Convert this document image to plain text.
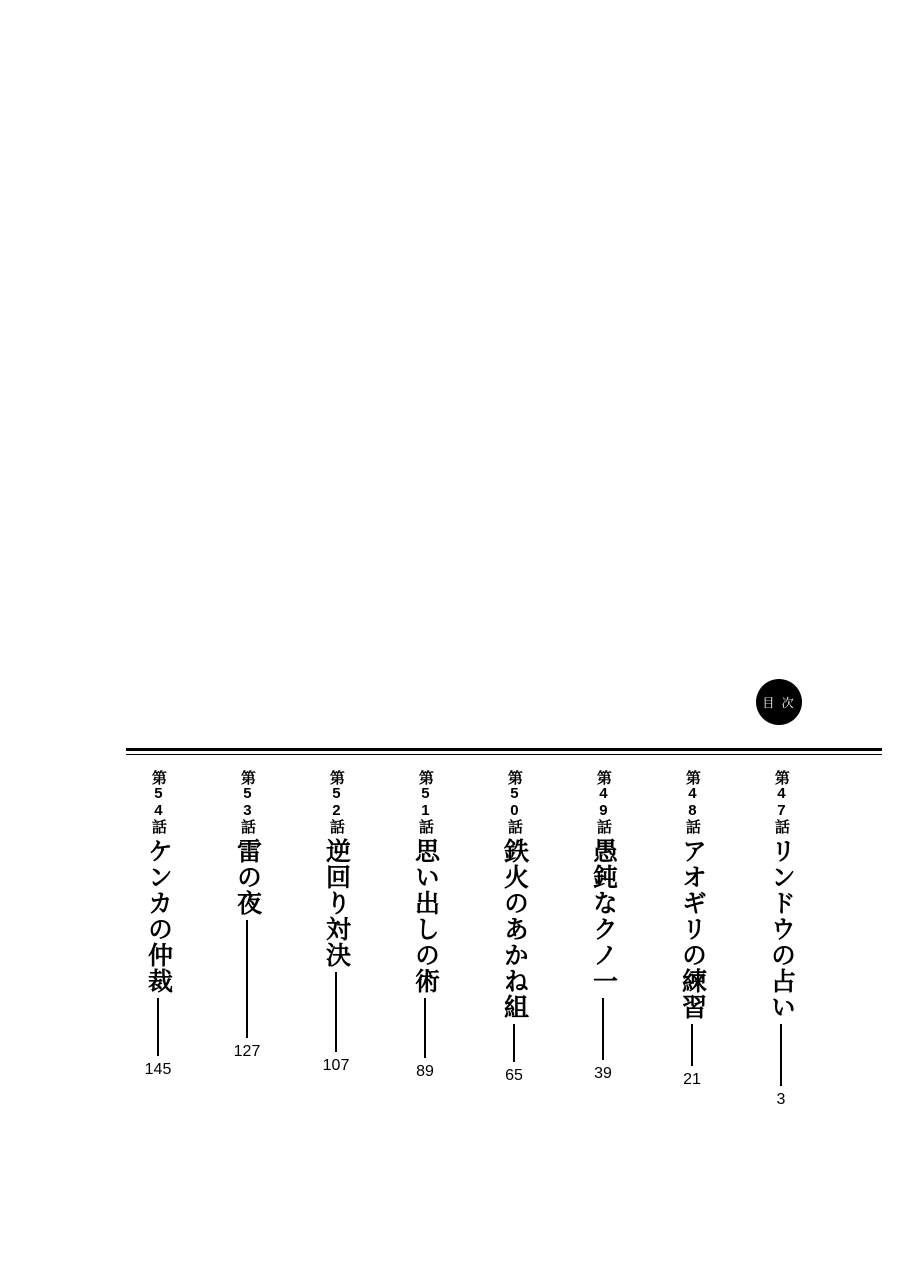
目 次
第47話
リンドウの占い
3
第48話
アオギリの練習
21
第49話
愚鈍なクノ一
39
第50話
鉄火のあかね組
65
第51話
思い出しの術
89
第52話
逆回り対決
107
第53話
雷の夜
127
第54話
ケンカの仲裁
145
